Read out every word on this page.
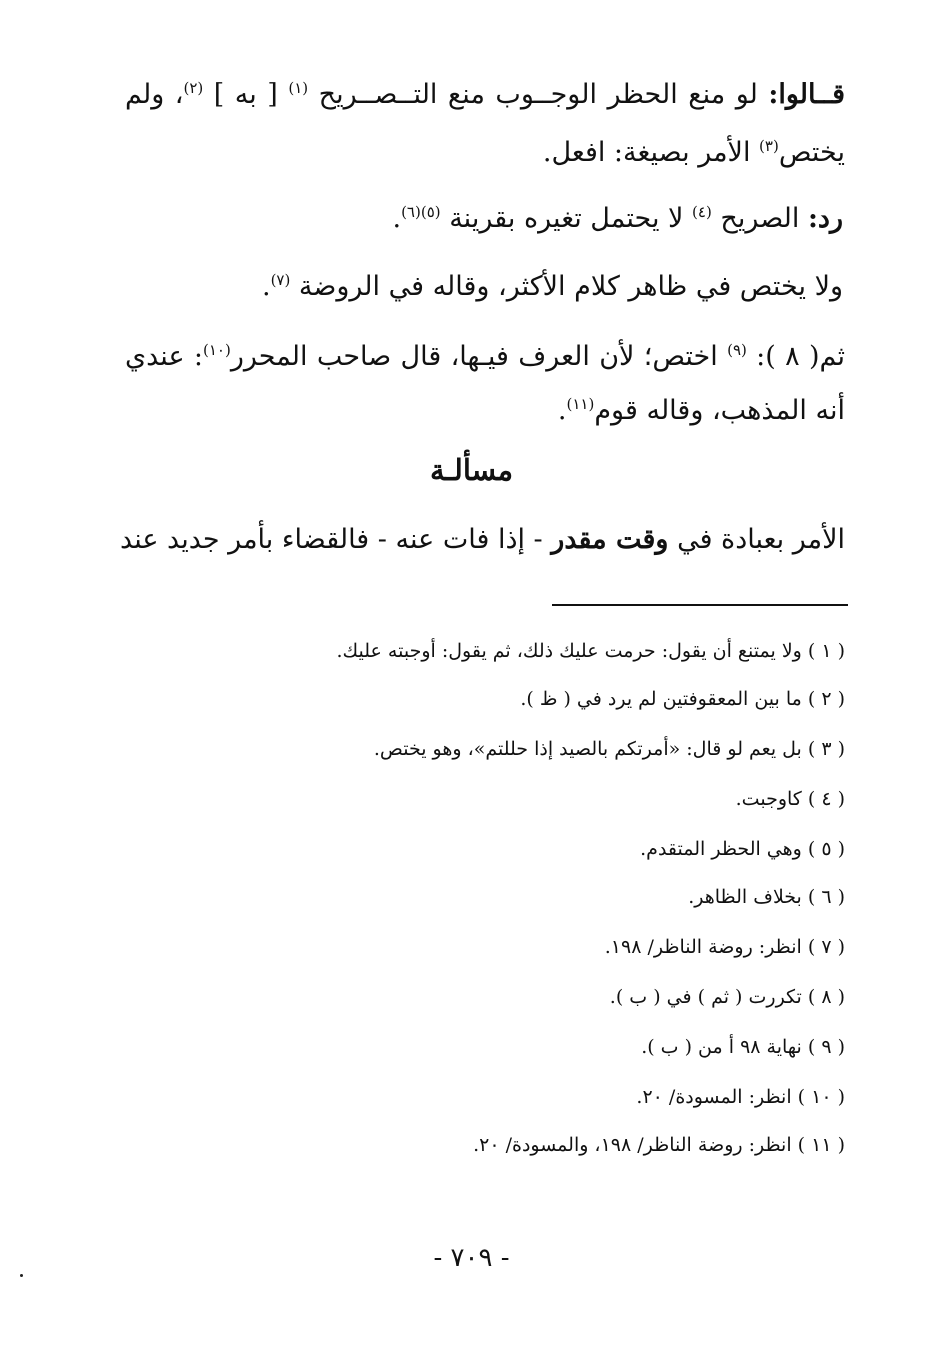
قــالوا: لو منع الحظر الوجــوب منع التــصــريح $^{(١)}$ [ به ] $^{(٢)}$، ولم
يختص$^{(٣)}$ الأمر بصيغة: افعل.
رد: الصريح $^{(٤)}$ لا يحتمل تغيره بقرينة $^{(٥)(٦)}$.
ولا يختص في ظاهر كلام الأكثر، وقاله في الروضة $^{(٧)}$.
ثم( ٨ ): $^{(٩)}$ اختص؛ لأن العرف فيـها، قال صاحب المحرر$^{(١٠)}$: عندي
أنه المذهب، وقاله قوم$^{(١١)}$.
مسألـة
الأمر بعبادة في وقت مقدر - إذا فات عنه - فالقضاء بأمر جديد عند
( ١ ) ولا يمتنع أن يقول: حرمت عليك ذلك، ثم يقول: أوجبته عليك.
( ٢ ) ما بين المعقوفتين لم يرد في ( ظ ).
( ٣ ) بل يعم لو قال: «أمرتكم بالصيد إذا حللتم»، وهو يختص.
( ٤ ) كاوجبت.
( ٥ ) وهي الحظر المتقدم.
( ٦ ) بخلاف الظاهر.
( ٧ ) انظر: روضة الناظر/ ١٩٨.
( ٨ ) تكررت ( ثم ) في ( ب ).
( ٩ ) نهاية ٩٨ أ من ( ب ).
( ١٠ ) انظر: المسودة/ ٢٠.
( ١١ ) انظر: روضة الناظر/ ١٩٨، والمسودة/ ٢٠.
- ٧٠٩ -
